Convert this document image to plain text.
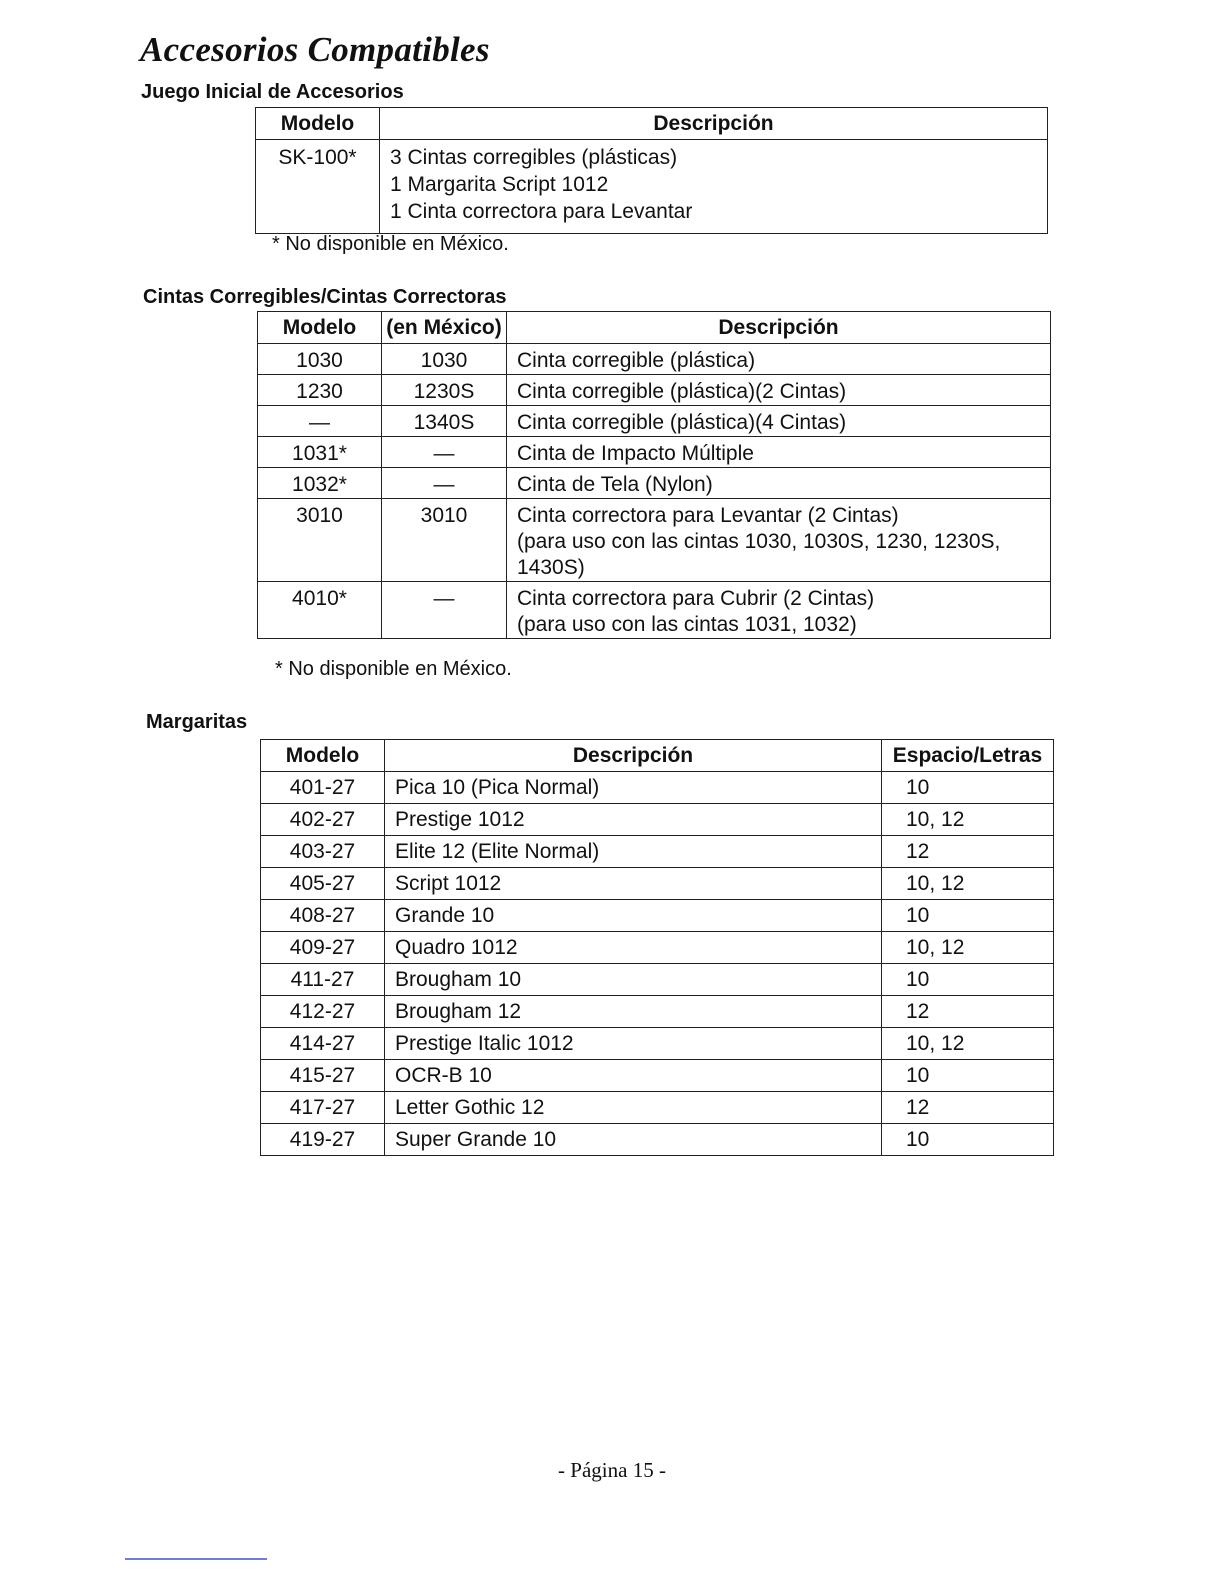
Accesorios Compatibles
Juego Inicial de Accesorios
Modelo	Descripción
SK-100*	3 Cintas corregibles (plásticas)
1 Margarita Script 1012
1 Cinta correctora para Levantar

* No disponible en México.

Cintas Corregibles/Cintas Correctoras
Modelo	(en México)	Descripción
1030	1030	Cinta corregible (plástica)

1230	1230S	Cinta corregible (plástica)(2 Cintas)

—	1340S	Cinta corregible (plástica)(4 Cintas)

1031*	—	Cinta de Impacto Múltiple

1032*	—	Cinta de Tela (Nylon)

3010	3010	Cinta correctora para Levantar (2 Cintas)
(para uso con las cintas 1030, 1030S, 1230, 1230S,
1430S)

4010*	—	Cinta correctora para Cubrir (2 Cintas)
(para uso con las cintas 1031, 1032)

* No disponible en México.

Margaritas
Modelo	Descripción	Espacio/Letras
401-27	Pica 10 (Pica Normal)	10
402-27	Prestige 1012	10, 12
403-27	Elite 12 (Elite Normal)	12
405-27	Script 1012	10, 12
408-27	Grande 10	10
409-27	Quadro 1012	10, 12
411-27	Brougham 10	10
412-27	Brougham 12	12
414-27	Prestige Italic 1012	10, 12
415-27	OCR-B 10	10
417-27	Letter Gothic 12	12
419-27	Super Grande 10	10

- Página 15 -
